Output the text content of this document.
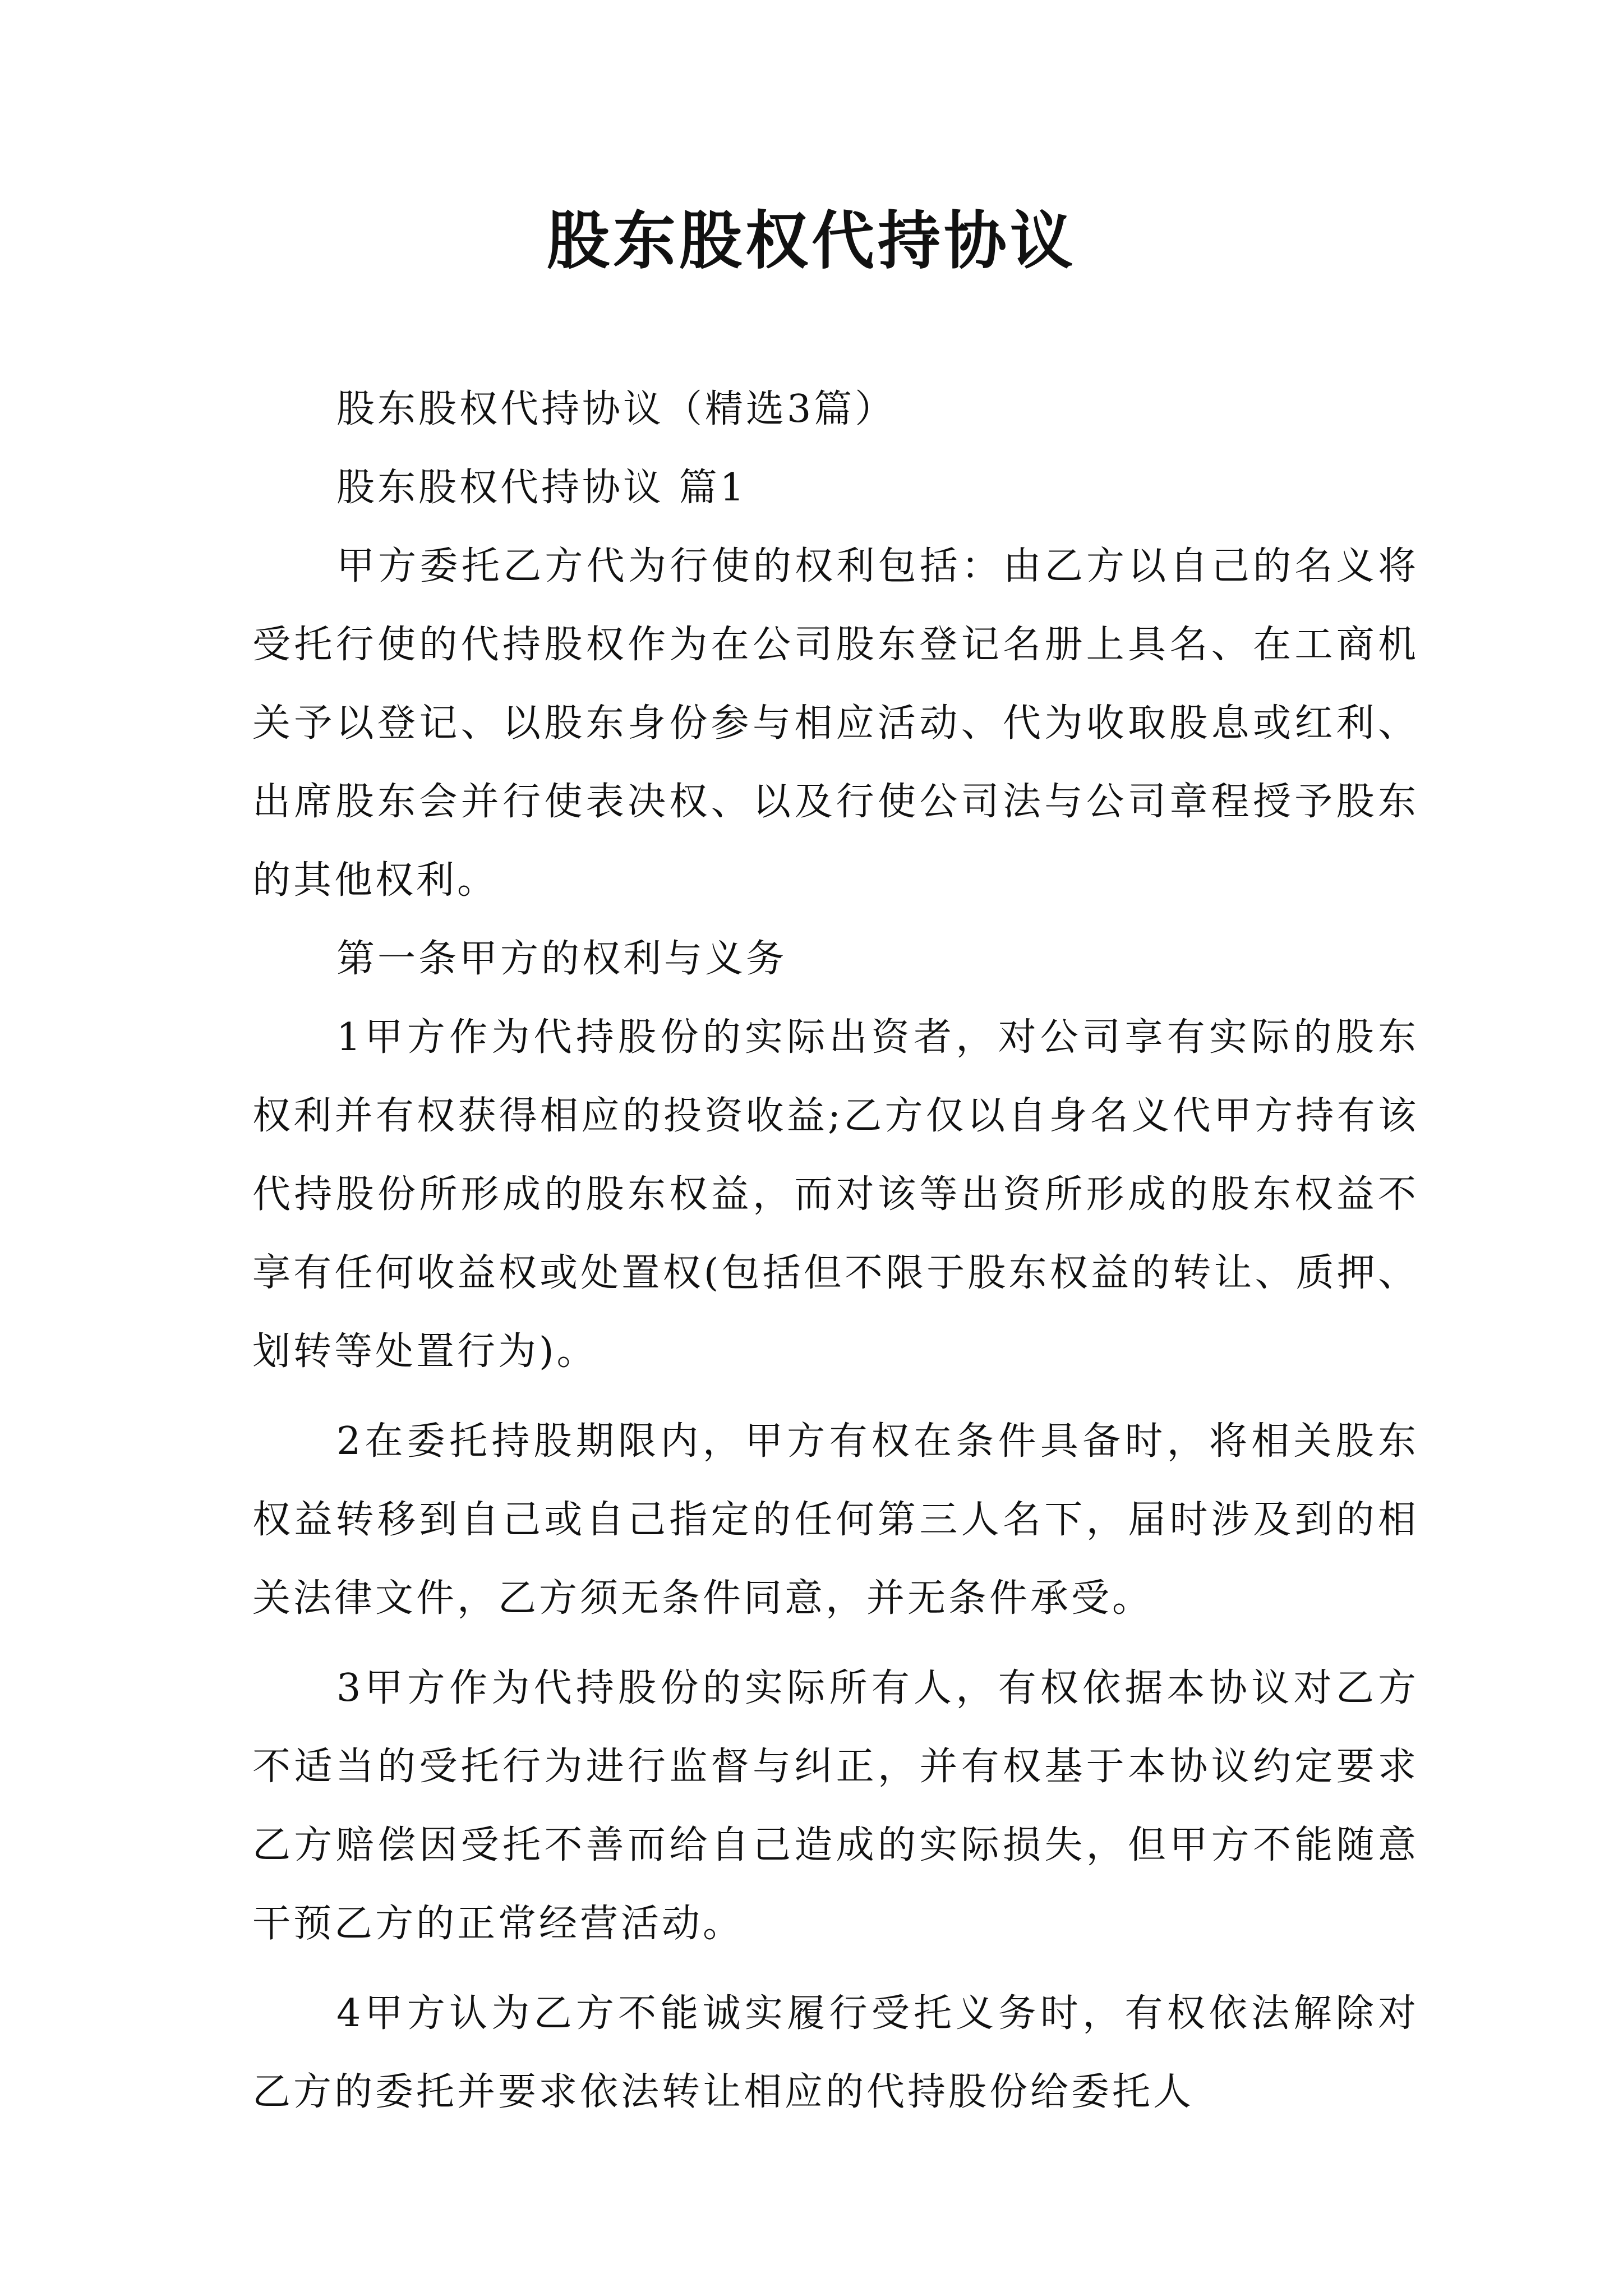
股东股权代持协议

股东股权代持协议（精选3篇）

股东股权代持协议 篇1

甲方委托乙方代为行使的权利包括：由乙方以自己的名义将受托行使的代持股权作为在公司股东登记名册上具名、在工商机关予以登记、以股东身份参与相应活动、代为收取股息或红利、出席股东会并行使表决权、以及行使公司法与公司章程授予股东的其他权利。

第一条甲方的权利与义务

1甲方作为代持股份的实际出资者，对公司享有实际的股东权利并有权获得相应的投资收益;乙方仅以自身名义代甲方持有该代持股份所形成的股东权益，而对该等出资所形成的股东权益不享有任何收益权或处置权(包括但不限于股东权益的转让、质押、划转等处置行为)。

2在委托持股期限内，甲方有权在条件具备时，将相关股东权益转移到自己或自己指定的任何第三人名下，届时涉及到的相关法律文件，乙方须无条件同意，并无条件承受。

3甲方作为代持股份的实际所有人，有权依据本协议对乙方不适当的受托行为进行监督与纠正，并有权基于本协议约定要求乙方赔偿因受托不善而给自己造成的实际损失，但甲方不能随意干预乙方的正常经营活动。

4甲方认为乙方不能诚实履行受托义务时，有权依法解除对乙方的委托并要求依法转让相应的代持股份给委托人
